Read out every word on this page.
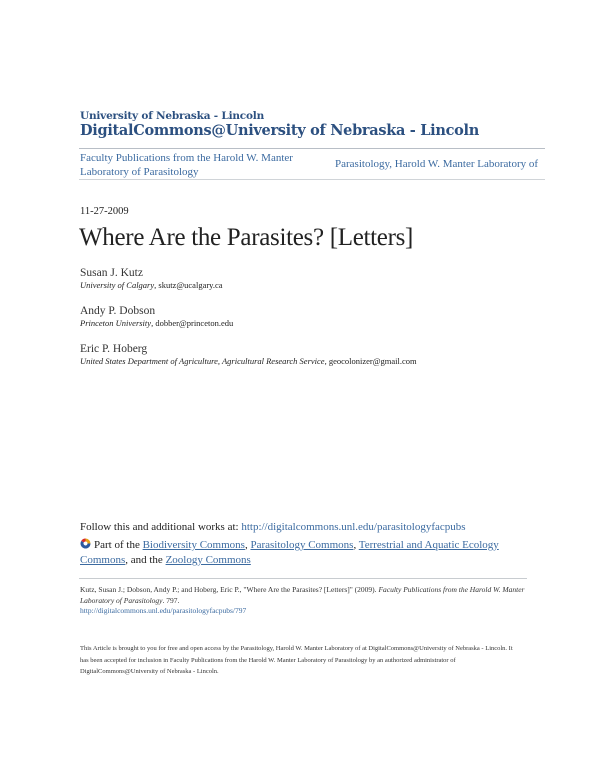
University of Nebraska - Lincoln
DigitalCommons@University of Nebraska - Lincoln
Faculty Publications from the Harold W. Manter Laboratory of Parasitology
Parasitology, Harold W. Manter Laboratory of
11-27-2009
Where Are the Parasites? [Letters]
Susan J. Kutz
University of Calgary, skutz@ucalgary.ca
Andy P. Dobson
Princeton University, dobber@princeton.edu
Eric P. Hoberg
United States Department of Agriculture, Agricultural Research Service, geocolonizer@gmail.com
Follow this and additional works at: http://digitalcommons.unl.edu/parasitologyfacpubs
Part of the Biodiversity Commons, Parasitology Commons, Terrestrial and Aquatic Ecology Commons, and the Zoology Commons
Kutz, Susan J.; Dobson, Andy P.; and Hoberg, Eric P., "Where Are the Parasites? [Letters]" (2009). Faculty Publications from the Harold W. Manter Laboratory of Parasitology. 797.
http://digitalcommons.unl.edu/parasitologyfacpubs/797
This Article is brought to you for free and open access by the Parasitology, Harold W. Manter Laboratory of at DigitalCommons@University of Nebraska - Lincoln. It has been accepted for inclusion in Faculty Publications from the Harold W. Manter Laboratory of Parasitology by an authorized administrator of DigitalCommons@University of Nebraska - Lincoln.
